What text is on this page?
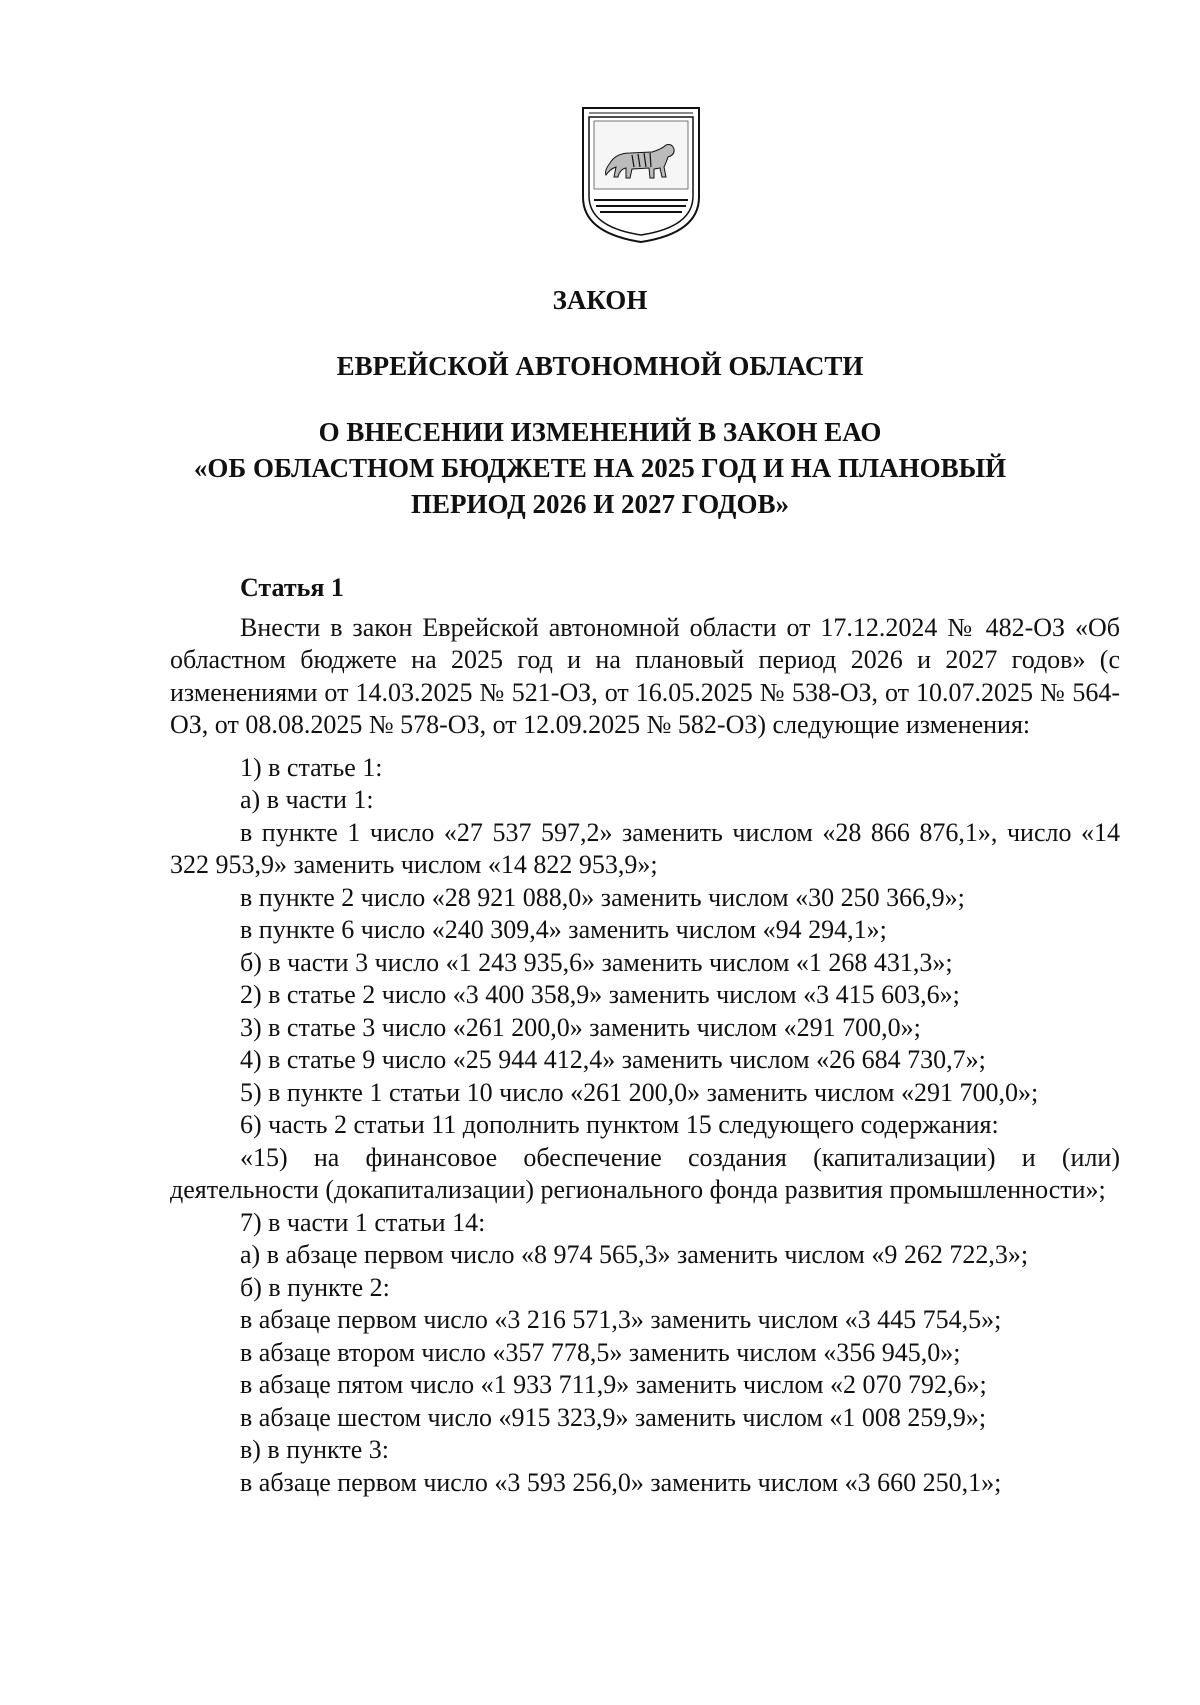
ЗАКОН

ЕВРЕЙСКОЙ АВТОНОМНОЙ ОБЛАСТИ

О ВНЕСЕНИИ ИЗМЕНЕНИЙ В ЗАКОН ЕАО
«ОБ ОБЛАСТНОМ БЮДЖЕТЕ НА 2025 ГОД И НА ПЛАНОВЫЙ
ПЕРИОД 2026 И 2027 ГОДОВ»

Статья 1

Внести в закон Еврейской автономной области от 17.12.2024 № 482-ОЗ «Об областном бюджете на 2025 год и на плановый период 2026 и 2027 годов» (с изменениями от 14.03.2025 № 521-ОЗ, от 16.05.2025 № 538-ОЗ, от 10.07.2025 № 564-ОЗ, от 08.08.2025 № 578-ОЗ, от 12.09.2025 № 582-ОЗ) следующие изменения:

1) в статье 1:

а) в части 1:

в пункте 1 число «27 537 597,2» заменить числом «28 866 876,1», число «14 322 953,9» заменить числом «14 822 953,9»;

в пункте 2 число «28 921 088,0» заменить числом «30 250 366,9»;

в пункте 6 число «240 309,4» заменить числом «94 294,1»;

б) в части 3 число «1 243 935,6» заменить числом «1 268 431,3»;

2) в статье 2 число «3 400 358,9» заменить числом «3 415 603,6»;

3) в статье 3 число «261 200,0» заменить числом «291 700,0»;

4) в статье 9 число «25 944 412,4» заменить числом «26 684 730,7»;

5) в пункте 1 статьи 10 число «261 200,0» заменить числом «291 700,0»;

6) часть 2 статьи 11 дополнить пунктом 15 следующего содержания:

«15) на финансовое обеспечение создания (капитализации) и (или) деятельности (докапитализации) регионального фонда развития промышленности»;

7) в части 1 статьи 14:

а) в абзаце первом число «8 974 565,3» заменить числом «9 262 722,3»;

б) в пункте 2:

в абзаце первом число «3 216 571,3» заменить числом «3 445 754,5»;

в абзаце втором число «357 778,5» заменить числом «356 945,0»;

в абзаце пятом число «1 933 711,9» заменить числом «2 070 792,6»;

в абзаце шестом число «915 323,9» заменить числом «1 008 259,9»;

в) в пункте 3:

в абзаце первом число «3 593 256,0» заменить числом «3 660 250,1»;
